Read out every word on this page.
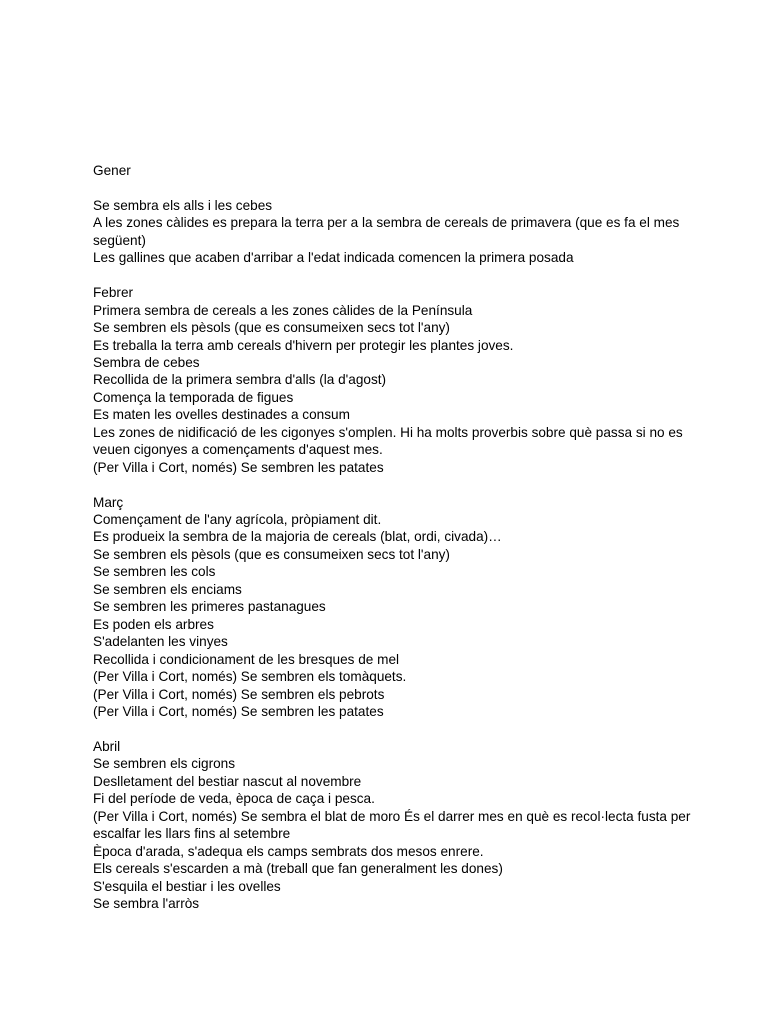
Gener

Se sembra els alls i les cebes
A les zones càlides es prepara la terra per a la sembra de cereals de primavera (que es fa el mes següent)
Les gallines que acaben d'arribar a l'edat indicada comencen la primera posada
Febrer
Primera sembra de cereals a les zones càlides de la Península
Se sembren els pèsols (que es consumeixen secs tot l'any)
Es treballa la terra amb cereals d'hivern per protegir les plantes joves.
Sembra de cebes
Recollida de la primera sembra d'alls (la d'agost)
Comença la temporada de figues
Es maten les ovelles destinades a consum
Les zones de nidificació de les cigonyes s'omplen. Hi ha molts proverbis sobre què passa si no es veuen cigonyes a començaments d'aquest mes.
(Per Villa i Cort, només) Se sembren les patates
Març
Començament de l'any agrícola, pròpiament dit.
Es produeix la sembra de la majoria de cereals (blat, ordi, civada)…
Se sembren els pèsols (que es consumeixen secs tot l'any)
Se sembren les cols
Se sembren els enciams
Se sembren les primeres pastanagues
Es poden els arbres
S'adelanten les vinyes
Recollida i condicionament de les bresques de mel
(Per Villa i Cort, només) Se sembren els tomàquets.
(Per Villa i Cort, només) Se sembren els pebrots
(Per Villa i Cort, només) Se sembren les patates
Abril
Se sembren els cigrons
Deslletament del bestiar nascut al novembre
Fi del període de veda, època de caça i pesca.
(Per Villa i Cort, només) Se sembra el blat de moro És el darrer mes en què es recol·lecta fusta per escalfar les llars fins al setembre
Època d'arada, s'adequa els camps sembrats dos mesos enrere.
Els cereals s'escarden a mà (treball que fan generalment les dones)
S'esquila el bestiar i les ovelles
Se sembra l'arròs
